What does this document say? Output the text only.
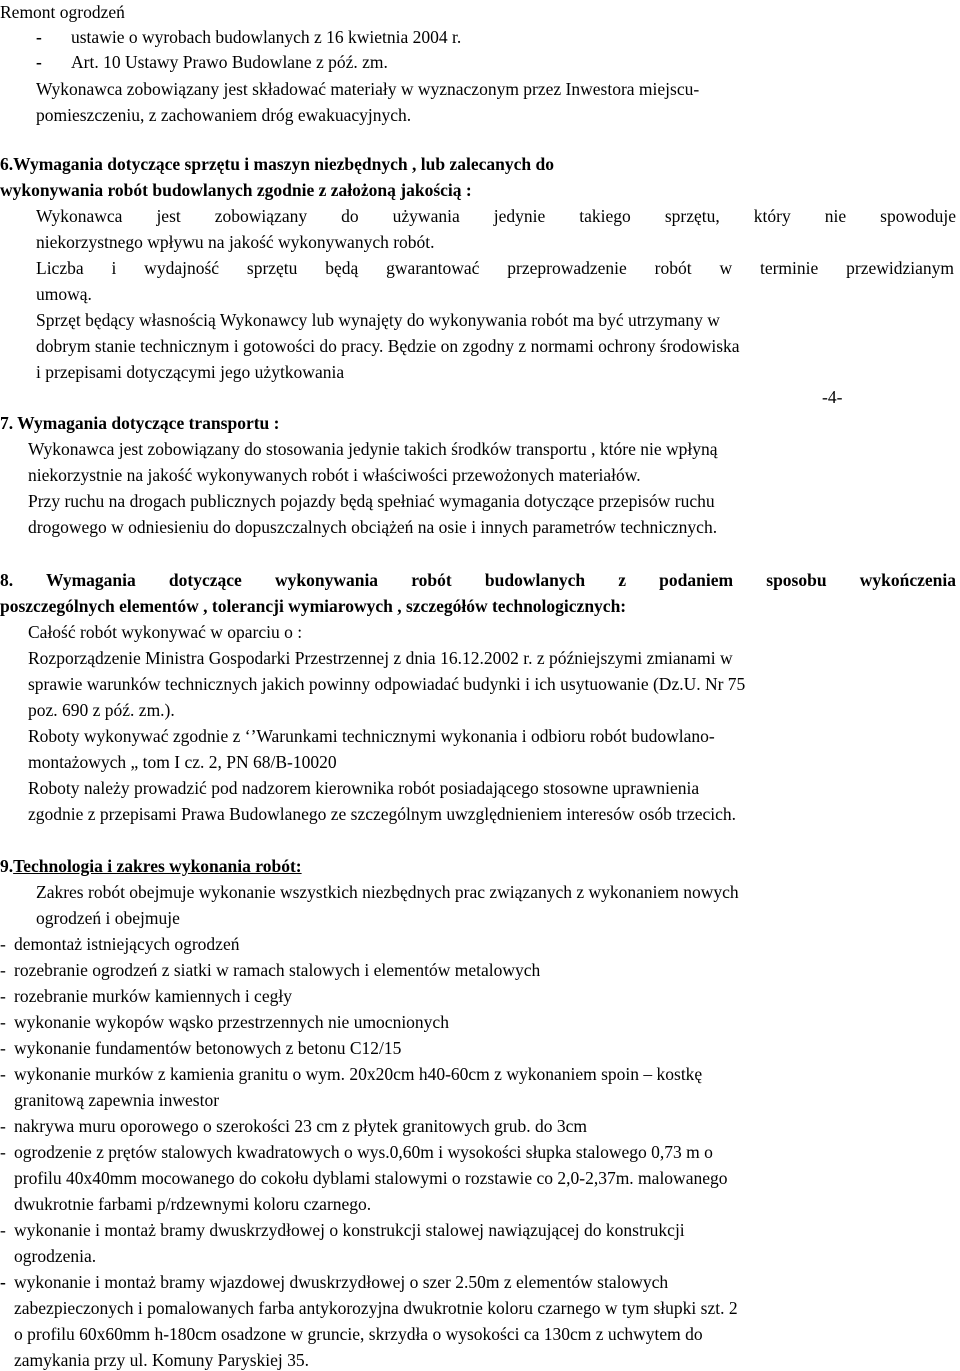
Remont ogrodzeń
- ustawie o wyrobach budowlanych z 16 kwietnia 2004 r.
- Art. 10 Ustawy Prawo Budowlane z póź. zm.
Wykonawca zobowiązany jest składować materiały w wyznaczonym przez Inwestora miejscu-
pomieszczeniu, z zachowaniem dróg ewakuacyjnych.
6.Wymagania dotyczące sprzętu i maszyn niezbędnych , lub zalecanych do
wykonywania robót budowlanych zgodnie z założoną jakością :
Wykonawca jest zobowiązany do używania jedynie takiego sprzętu, który nie spowoduje
niekorzystnego wpływu na jakość wykonywanych robót.
Liczba i wydajność sprzętu będą gwarantować przeprowadzenie robót w terminie przewidzianym
umową.
Sprzęt będący własnością Wykonawcy lub wynajęty do wykonywania robót ma być utrzymany w
dobrym stanie technicznym i gotowości do pracy. Będzie on zgodny z normami ochrony środowiska
i przepisami dotyczącymi jego użytkowania
-4-
7. Wymagania dotyczące transportu :
Wykonawca jest zobowiązany do stosowania jedynie takich środków transportu , które nie wpłyną
niekorzystnie na jakość wykonywanych robót i właściwości przewożonych materiałów.
Przy ruchu na drogach publicznych pojazdy będą spełniać wymagania dotyczące przepisów ruchu
drogowego w odniesieniu do dopuszczalnych obciążeń na osie i innych parametrów technicznych.
8. Wymagania dotyczące wykonywania robót budowlanych z podaniem sposobu wykończenia
poszczególnych elementów , tolerancji wymiarowych , szczegółów technologicznych:
Całość robót wykonywać w oparciu o :
Rozporządzenie Ministra Gospodarki Przestrzennej z dnia 16.12.2002 r. z późniejszymi zmianami w
sprawie warunków technicznych jakich powinny odpowiadać budynki i ich usytuowanie (Dz.U. Nr 75
poz. 690 z póź. zm.).
Roboty wykonywać zgodnie z ‘’Warunkami technicznymi wykonania i odbioru robót budowlano-
montażowych „ tom I cz. 2, PN 68/B-10020
Roboty należy prowadzić pod nadzorem kierownika robót posiadającego stosowne uprawnienia
zgodnie z przepisami Prawa Budowlanego ze szczególnym uwzględnieniem interesów osób trzecich.
9.Technologia i zakres wykonania robót:
Zakres robót obejmuje wykonanie wszystkich niezbędnych prac związanych z wykonaniem nowych
ogrodzeń i obejmuje
- demontaż istniejących ogrodzeń
- rozebranie ogrodzeń z siatki w ramach stalowych i elementów metalowych
- rozebranie murków kamiennych i cegły
- wykonanie wykopów wąsko przestrzennych nie umocnionych
- wykonanie fundamentów betonowych z betonu C12/15
- wykonanie murków z kamienia granitu o wym. 20x20cm h40-60cm z wykonaniem spoin – kostkę
granitową zapewnia inwestor
- nakrywa muru oporowego o szerokości 23 cm z płytek granitowych grub. do 3cm
- ogrodzenie z prętów stalowych kwadratowych o wys.0,60m i wysokości słupka stalowego 0,73 m o
profilu 40x40mm mocowanego do cokołu dyblami stalowymi o rozstawie co 2,0-2,37m. malowanego
dwukrotnie farbami p/rdzewnymi koloru czarnego.
- wykonanie i montaż bramy dwuskrzydłowej o konstrukcji stalowej nawiązującej do konstrukcji
ogrodzenia.
- wykonanie i montaż bramy wjazdowej dwuskrzydłowej o szer 2.50m z elementów stalowych
zabezpieczonych i pomalowanych farba antykorozyjna dwukrotnie koloru czarnego w tym słupki szt. 2
o profilu 60x60mm h-180cm osadzone w gruncie, skrzydła o wysokości ca 130cm z uchwytem do
zamykania przy ul. Komuny Paryskiej 35.
